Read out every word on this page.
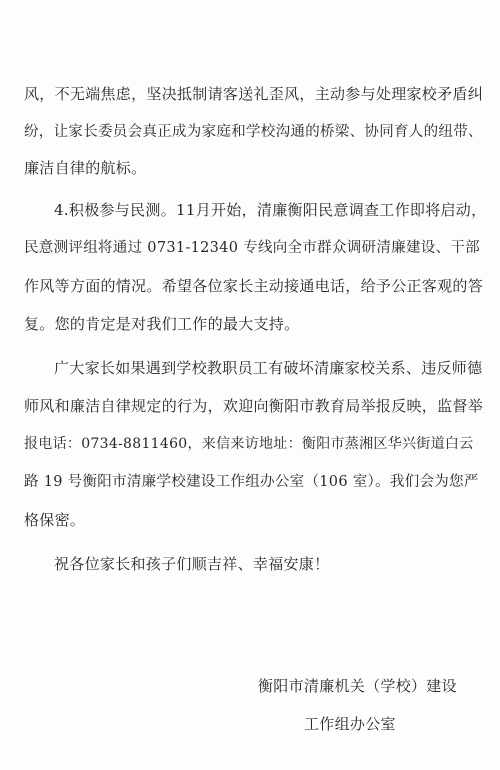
风，不无端焦虑，坚决抵制请客送礼歪风，主动参与处理家校矛盾纠
纷，让家长委员会真正成为家庭和学校沟通的桥梁、协同育人的纽带、
廉洁自律的航标。
4.积极参与民测。11月开始，清廉衡阳民意调查工作即将启动，
民意测评组将通过 0731-12340 专线向全市群众调研清廉建设、干部
作风等方面的情况。希望各位家长主动接通电话，给予公正客观的答
复。您的肯定是对我们工作的最大支持。
广大家长如果遇到学校教职员工有破坏清廉家校关系、违反师德
师风和廉洁自律规定的行为，欢迎向衡阳市教育局举报反映，监督举
报电话：0734-8811460，来信来访地址：衡阳市蒸湘区华兴街道白云
路 19 号衡阳市清廉学校建设工作组办公室（106 室）。我们会为您严
格保密。
祝各位家长和孩子们顺吉祥、幸福安康！
衡阳市清廉机关（学校）建设
工作组办公室
